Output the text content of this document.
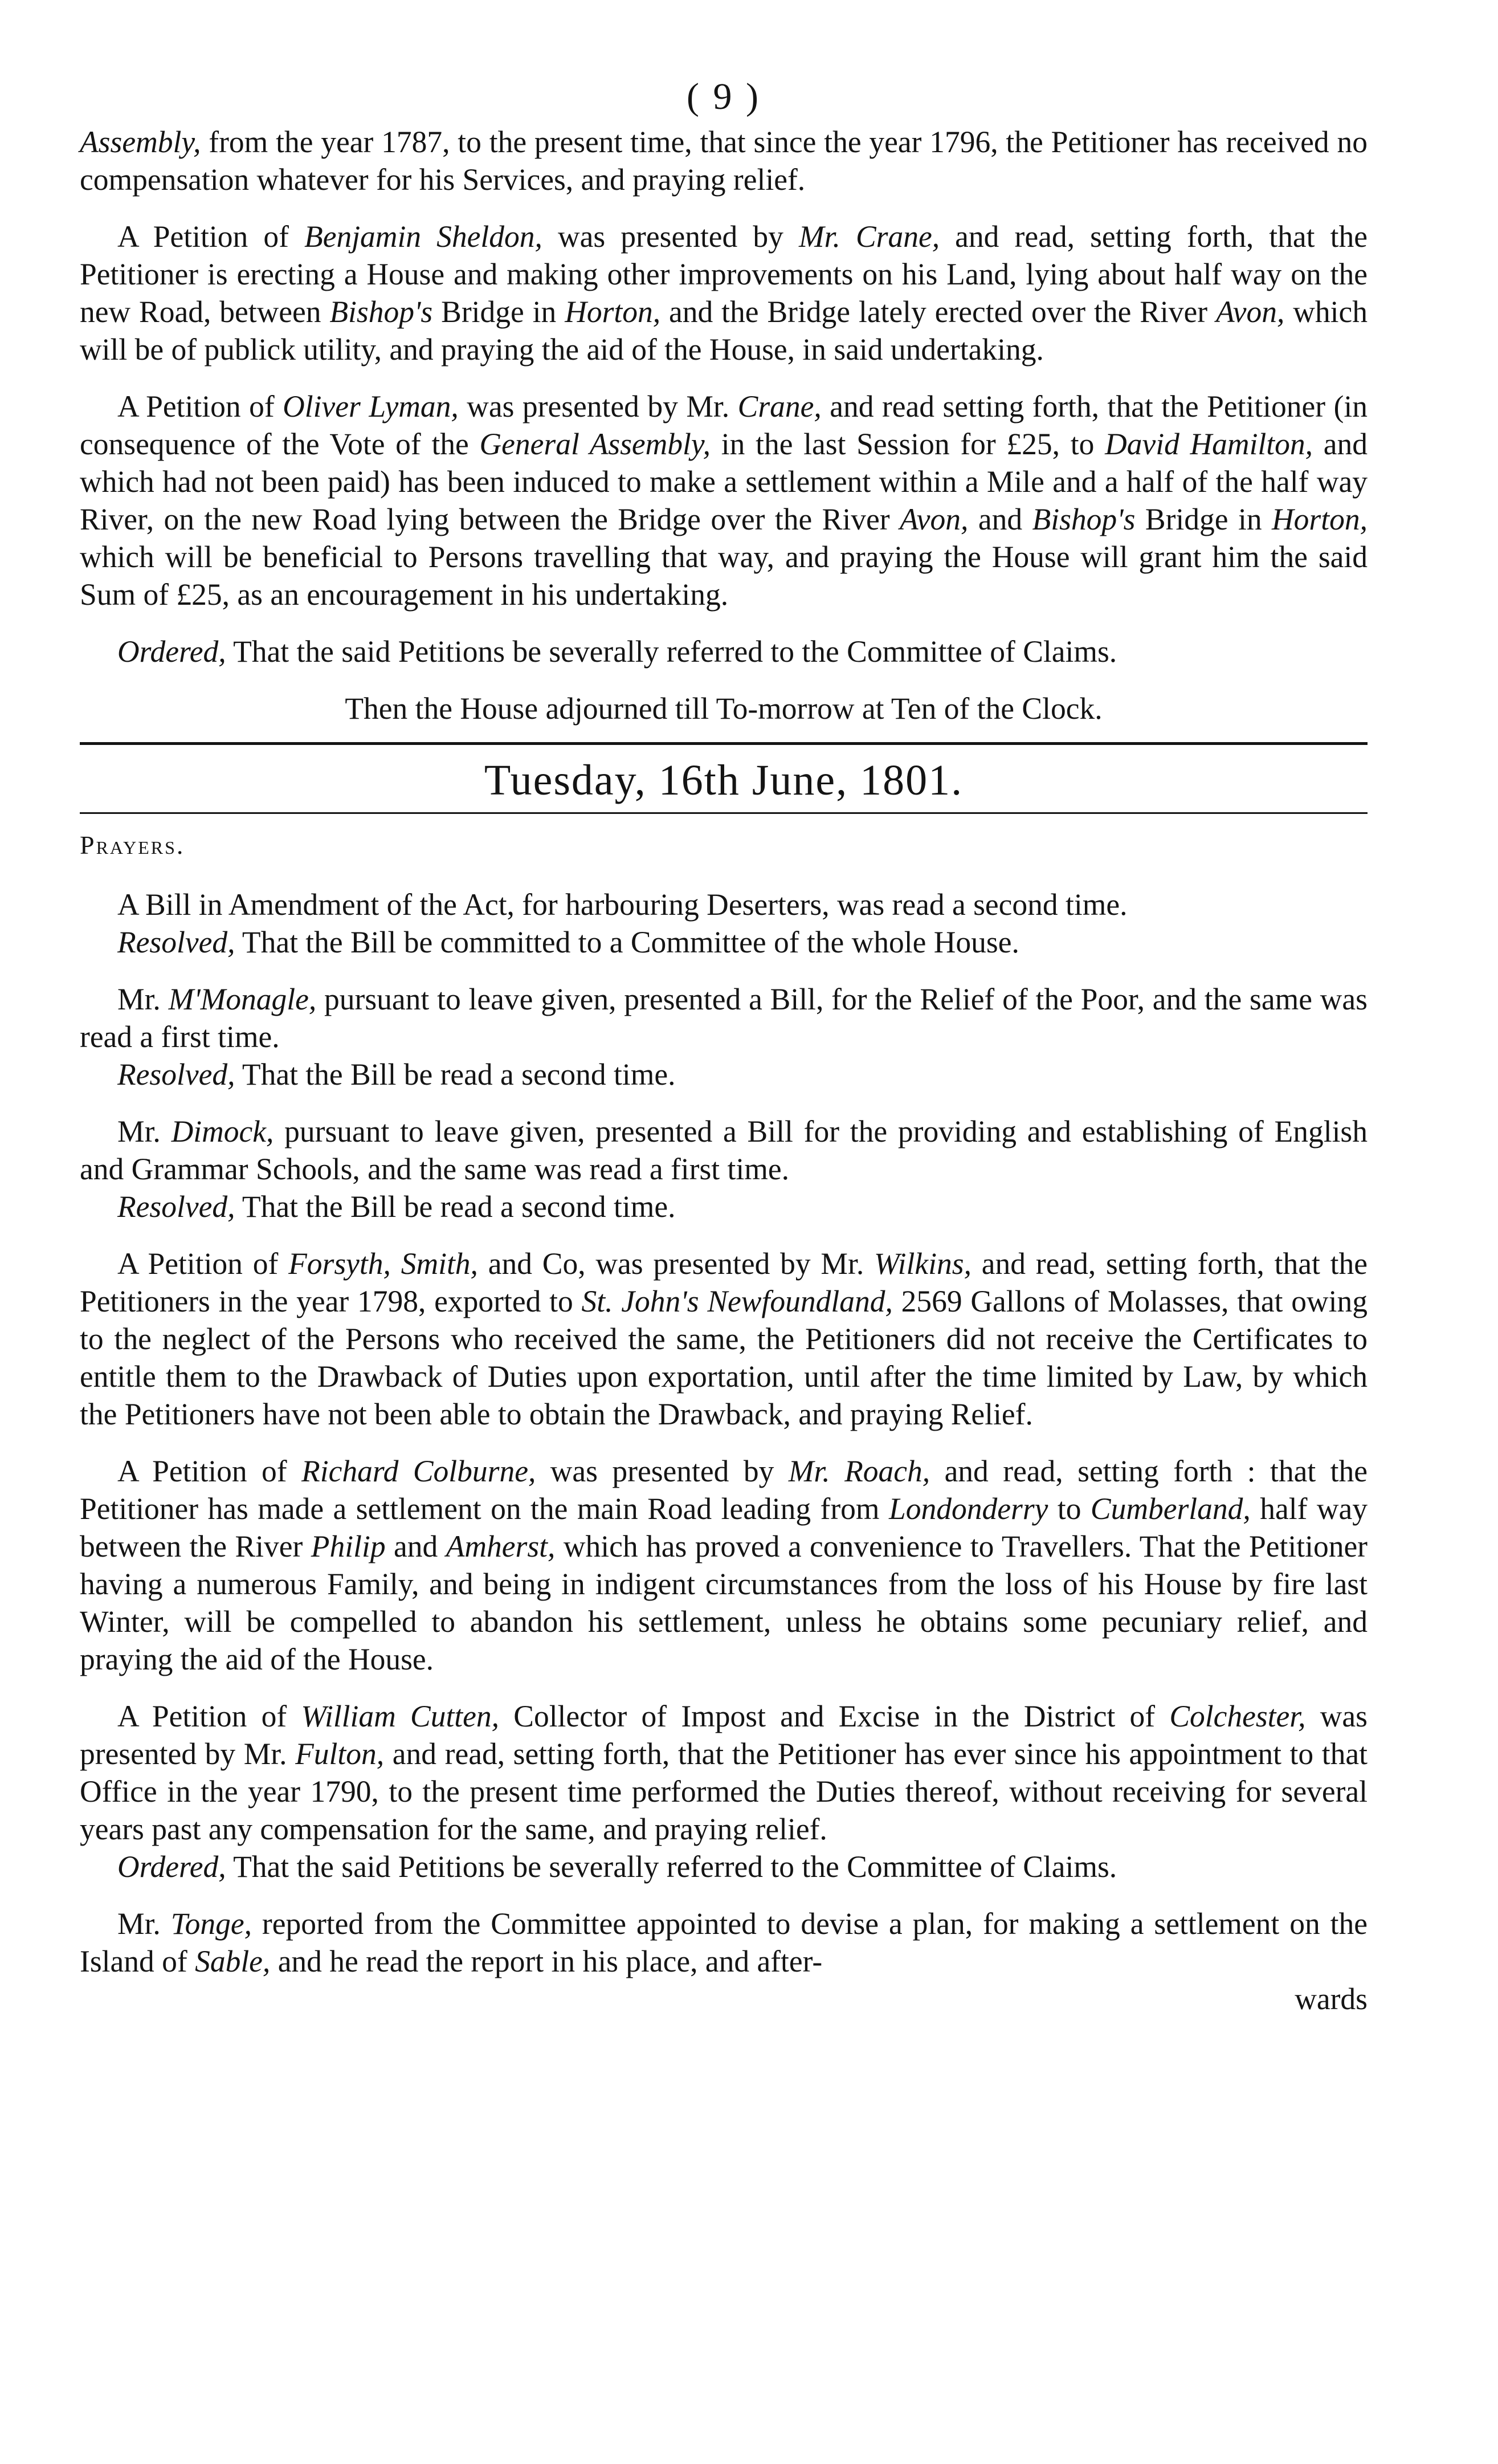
( 9 )

Assembly, from the year 1787, to the present time, that since the year 1796, the Petitioner has received no compensation whatever for his Services, and praying relief.

A Petition of Benjamin Sheldon, was presented by Mr. Crane, and read, setting forth, that the Petitioner is erecting a House and making other improvements on his Land, lying about half way on the new Road, between Bishop's Bridge in Horton, and the Bridge lately erected over the River Avon, which will be of publick utility, and praying the aid of the House, in said undertaking.

A Petition of Oliver Lyman, was presented by Mr. Crane, and read setting forth, that the Petitioner (in consequence of the Vote of the General Assembly, in the last Session for £25, to David Hamilton, and which had not been paid) has been induced to make a settlement within a Mile and a half of the half way River, on the new Road lying between the Bridge over the River Avon, and Bishop's Bridge in Horton, which will be beneficial to Persons travelling that way, and praying the House will grant him the said Sum of £25, as an encouragement in his undertaking.

Ordered, That the said Petitions be severally referred to the Committee of Claims.

Then the House adjourned till To-morrow at Ten of the Clock.
Tuesday, 16th June, 1801.
Prayers.

A Bill in Amendment of the Act, for harbouring Deserters, was read a second time.
Resolved, That the Bill be committed to a Committee of the whole House.

Mr. M'Monagle, pursuant to leave given, presented a Bill, for the Relief of the Poor, and the same was read a first time.
Resolved, That the Bill be read a second time.

Mr. Dimock, pursuant to leave given, presented a Bill for the providing and establishing of English and Grammar Schools, and the same was read a first time.
Resolved, That the Bill be read a second time.

A Petition of Forsyth, Smith, and Co, was presented by Mr. Wilkins, and read, setting forth, that the Petitioners in the year 1798, exported to St. John's Newfoundland, 2569 Gallons of Molasses, that owing to the neglect of the Persons who received the same, the Petitioners did not receive the Certificates to entitle them to the Drawback of Duties upon exportation, until after the time limited by Law, by which the Petitioners have not been able to obtain the Drawback, and praying Relief.

A Petition of Richard Colburne, was presented by Mr. Roach, and read, setting forth : that the Petitioner has made a settlement on the main Road leading from Londonderry to Cumberland, half way between the River Philip and Amherst, which has proved a convenience to Travellers. That the Petitioner having a numerous Family, and being in indigent circumstances from the loss of his House by fire last Winter, will be compelled to abandon his settlement, unless he obtains some pecuniary relief, and praying the aid of the House.

A Petition of William Cutten, Collector of Impost and Excise in the District of Colchester, was presented by Mr. Fulton, and read, setting forth, that the Petitioner has ever since his appointment to that Office in the year 1790, to the present time performed the Duties thereof, without receiving for several years past any compensation for the same, and praying relief.
Ordered, That the said Petitions be severally referred to the Committee of Claims.

Mr. Tonge, reported from the Committee appointed to devise a plan, for making a settlement on the Island of Sable, and he read the report in his place, and after-

wards
